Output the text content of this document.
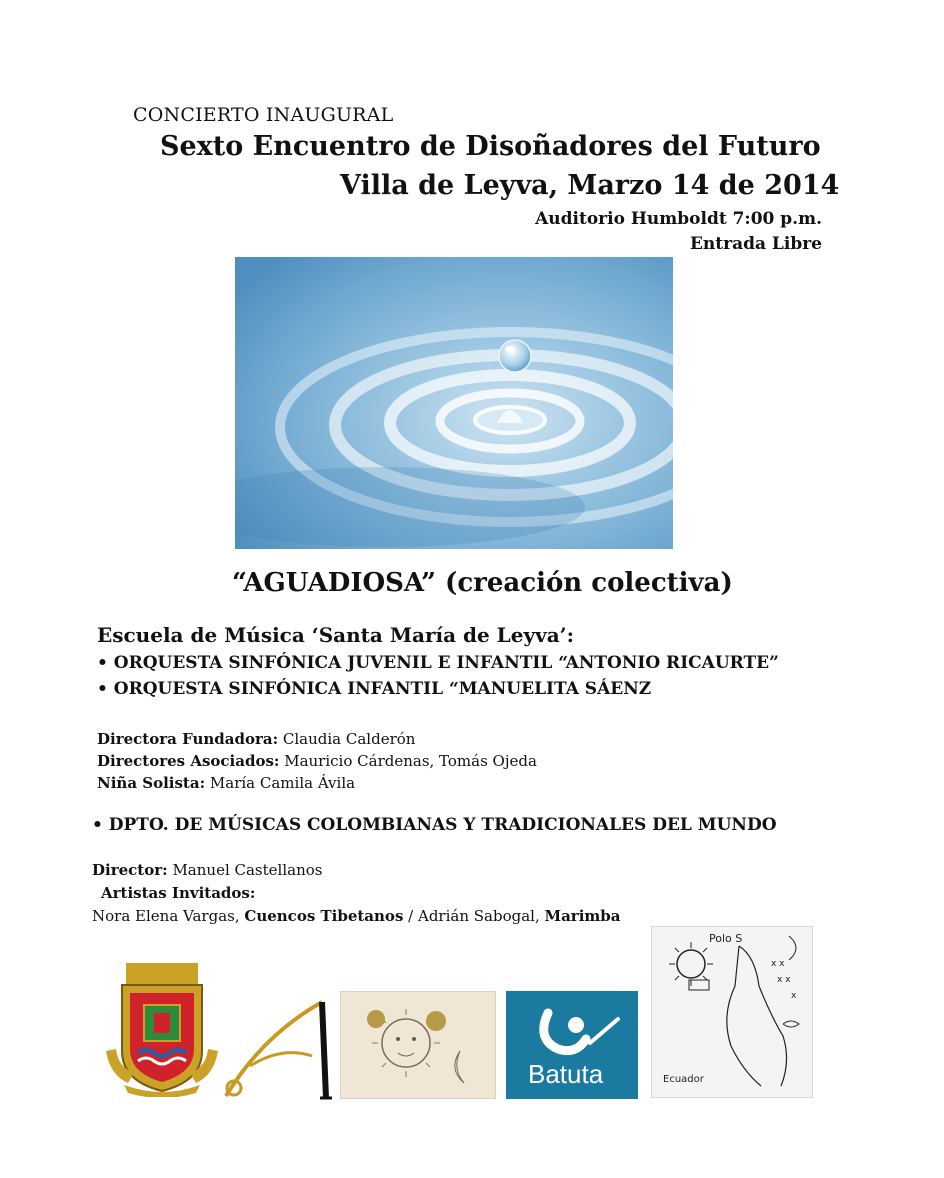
CONCIERTO INAUGURAL
Sexto Encuentro de Disoñadores del Futuro
Villa de Leyva, Marzo 14 de 2014
Auditorio Humboldt 7:00 p.m.
Entrada Libre
“AGUADIOSA” (creación colectiva)
Escuela de Música ‘Santa María de Leyva’:
• ORQUESTA SINFÓNICA JUVENIL E INFANTIL “ANTONIO RICAURTE”
• ORQUESTA SINFÓNICA INFANTIL “MANUELITA SÁENZ
Directora Fundadora: Claudia Calderón
Directores Asociados: Mauricio Cárdenas, Tomás Ojeda
Niña Solista: María Camila Ávila
• DPTO. DE MÚSICAS COLOMBIANAS Y TRADICIONALES DEL MUNDO
Director: Manuel Castellanos
Artistas Invitados:
Nora Elena Vargas, Cuencos Tibetanos / Adrián Sabogal, Marimba
Batuta
x x
x x
x
Polo S
Ecuador
